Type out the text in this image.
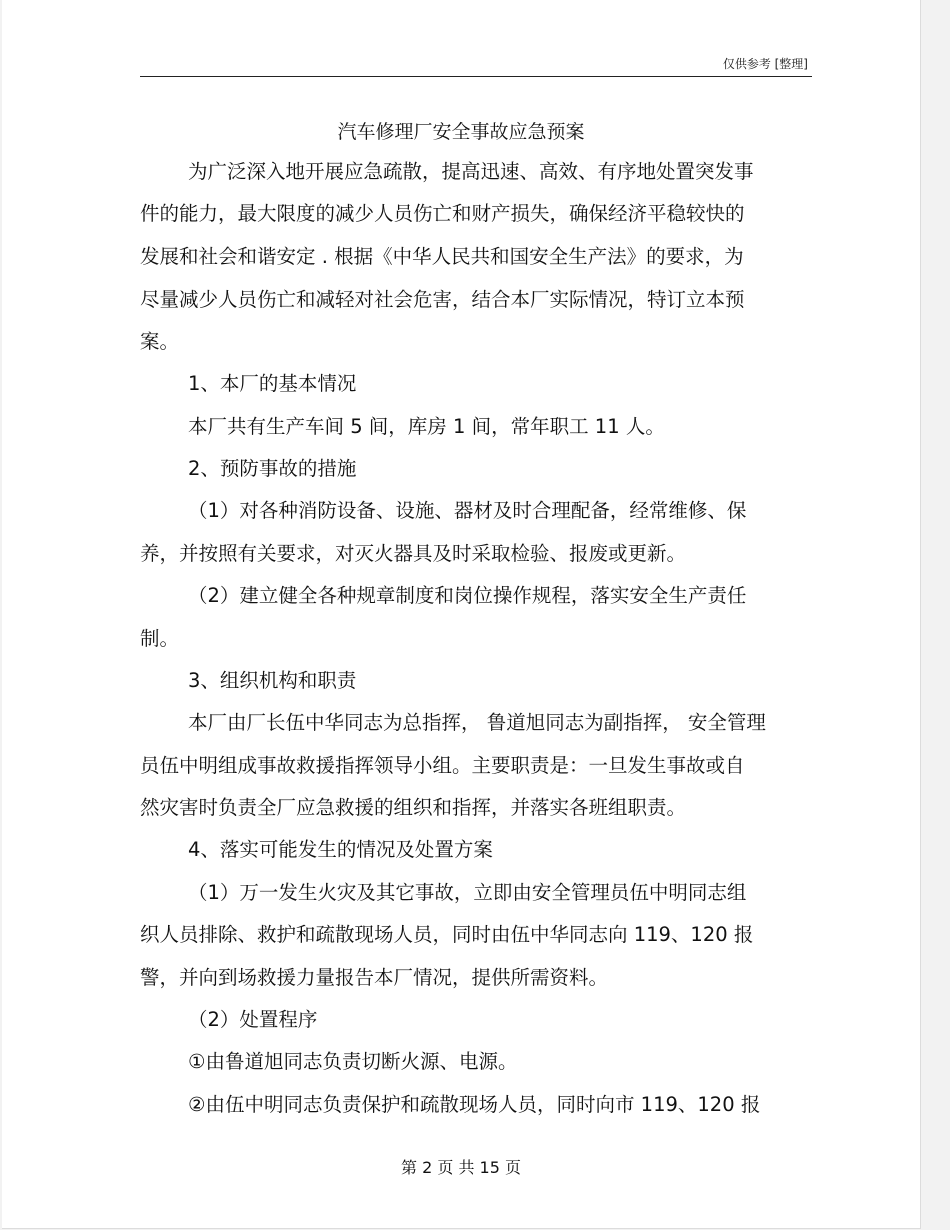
仅供参考 [整理]
汽车修理厂安全事故应急预案
为广泛深入地开展应急疏散，提高迅速、高效、有序地处置突发事
件的能力，最大限度的减少人员伤亡和财产损失，确保经济平稳较快的
发展和社会和谐安定 . 根据《中华人民共和国安全生产法》的要求，为
尽量减少人员伤亡和减轻对社会危害，结合本厂实际情况，特订立本预
案。
1、本厂的基本情况
本厂共有生产车间 5 间，库房 1 间，常年职工 11 人。
2、预防事故的措施
（1）对各种消防设备、设施、器材及时合理配备，经常维修、保
养，并按照有关要求，对灭火器具及时采取检验、报废或更新。
（2）建立健全各种规章制度和岗位操作规程，落实安全生产责任
制。
3、组织机构和职责
本厂由厂长伍中华同志为总指挥， 鲁道旭同志为副指挥， 安全管理
员伍中明组成事故救援指挥领导小组。主要职责是：一旦发生事故或自
然灾害时负责全厂应急救援的组织和指挥，并落实各班组职责。
4、落实可能发生的情况及处置方案
（1）万一发生火灾及其它事故，立即由安全管理员伍中明同志组
织人员排除、救护和疏散现场人员，同时由伍中华同志向 119、120 报
警，并向到场救援力量报告本厂情况，提供所需资料。
（2）处置程序
①由鲁道旭同志负责切断火源、电源。
②由伍中明同志负责保护和疏散现场人员，同时向市 119、120 报
第 2 页 共 15 页
